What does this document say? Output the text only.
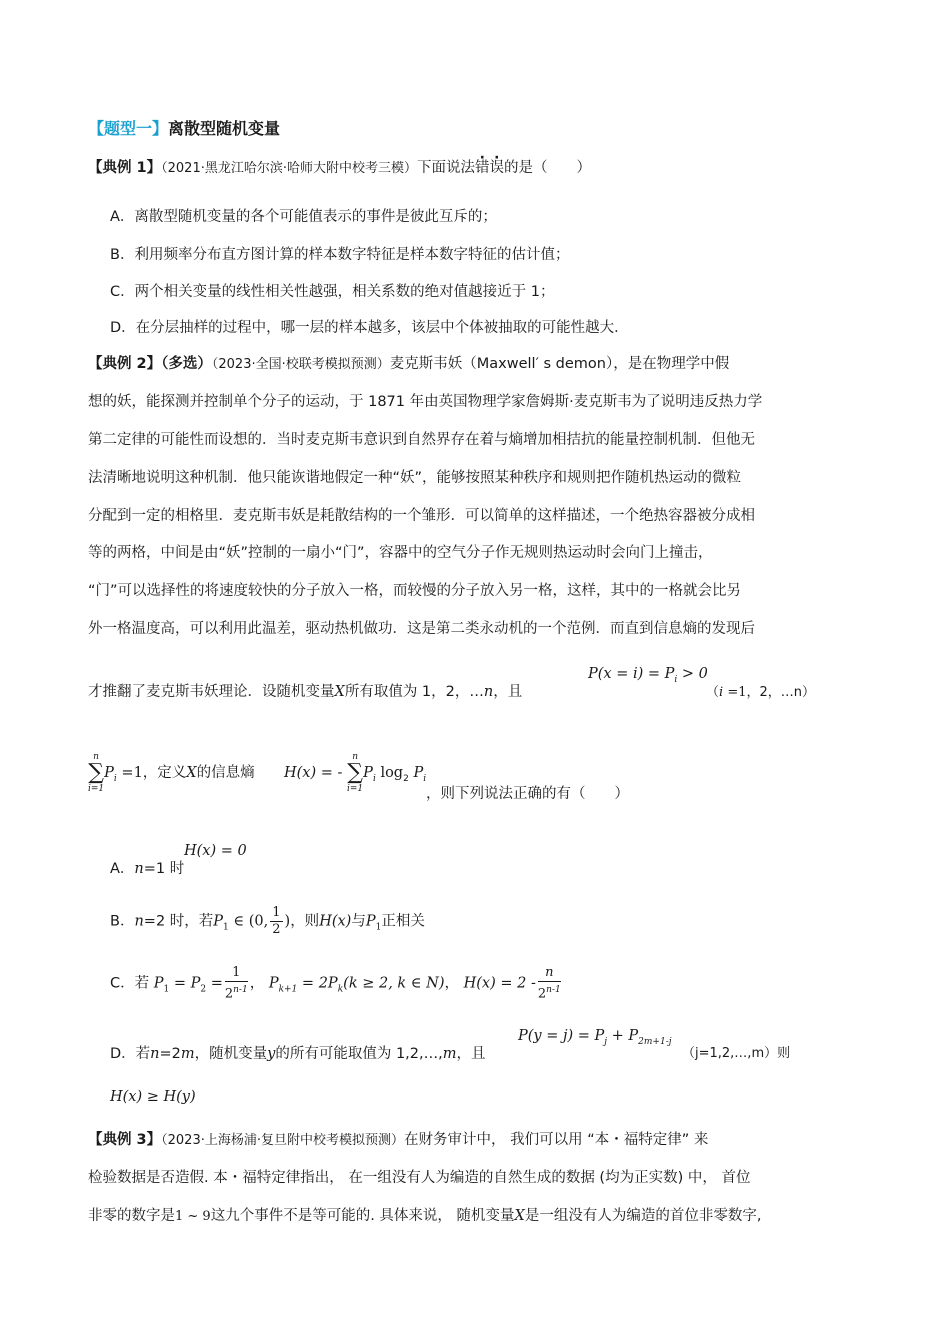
【题型一】离散型随机变量
【典例 1】（2021·黑龙江哈尔滨·哈师大附中校考三模）下面说法错误的是（　　）
A．离散型随机变量的各个可能值表示的事件是彼此互斥的；
B．利用频率分布直方图计算的样本数字特征是样本数字特征的估计值；
C．两个相关变量的线性相关性越强，相关系数的绝对值越接近于 1；
D．在分层抽样的过程中，哪一层的样本越多，该层中个体被抽取的可能性越大．
【典例 2】（多选）（2023·全国·校联考模拟预测）麦克斯韦妖（Maxwell′ s demon），是在物理学中假
想的妖，能探测并控制单个分子的运动，于 1871 年由英国物理学家詹姆斯·麦克斯韦为了说明违反热力学
第二定律的可能性而设想的．当时麦克斯韦意识到自然界存在着与熵增加相拮抗的能量控制机制．但他无
法清晰地说明这种机制．他只能诙谐地假定一种“妖”，能够按照某种秩序和规则把作随机热运动的微粒
分配到一定的相格里．麦克斯韦妖是耗散结构的一个雏形．可以简单的这样描述，一个绝热容器被分成相
等的两格，中间是由“妖”控制的一扇小“门”，容器中的空气分子作无规则热运动时会向门上撞击，
“门”可以选择性的将速度较快的分子放入一格，而较慢的分子放入另一格，这样，其中的一格就会比另
外一格温度高，可以利用此温差，驱动热机做功．这是第二类永动机的一个范例．而直到信息熵的发现后
才推翻了麦克斯韦妖理论．设随机变量X所有取值为 1，2，…n，且
$P(x = i) = P_i > 0$
（i =1，2，…n）
n
∑
i=1
$P_i =1$，定义X的信息熵 H(x) = -
n
∑
i=1
$P_i$ $\log_2 P_i$
，则下列说法正确的有（　　）
A．n=1 时
H(x) = 0
B．n=2 时，若$P_1$ ∈ (0, $\frac{1}{2}$ )，则H(x)与$P_1$正相关
C．若 $P_1 = P_2 = \frac{1}{2^{n-1}}$ ， $P_{k+1} = 2P_k(k \ge 2$, k ∈ N)， $H(x) = 2 - \frac{n}{2^{n-1}}$
D．若n=2m，随机变量y的所有可能取值为 1,2,…,m，且
$P(y = j) = P_j + P_{2m+1-j}$
（j=1,2,…,m）则
H(x) ≥ H(y)
【典例 3】（2023·上海杨浦·复旦附中校考模拟预测）在财务审计中， 我们可以用 “本・福特定律” 来
检验数据是否造假. 本・福特定律指出， 在一组没有人为编造的自然生成的数据 (均为正实数) 中， 首位
非零的数字是1 ~ 9这九个事件不是等可能的. 具体来说， 随机变量X是一组没有人为编造的首位非零数字,
